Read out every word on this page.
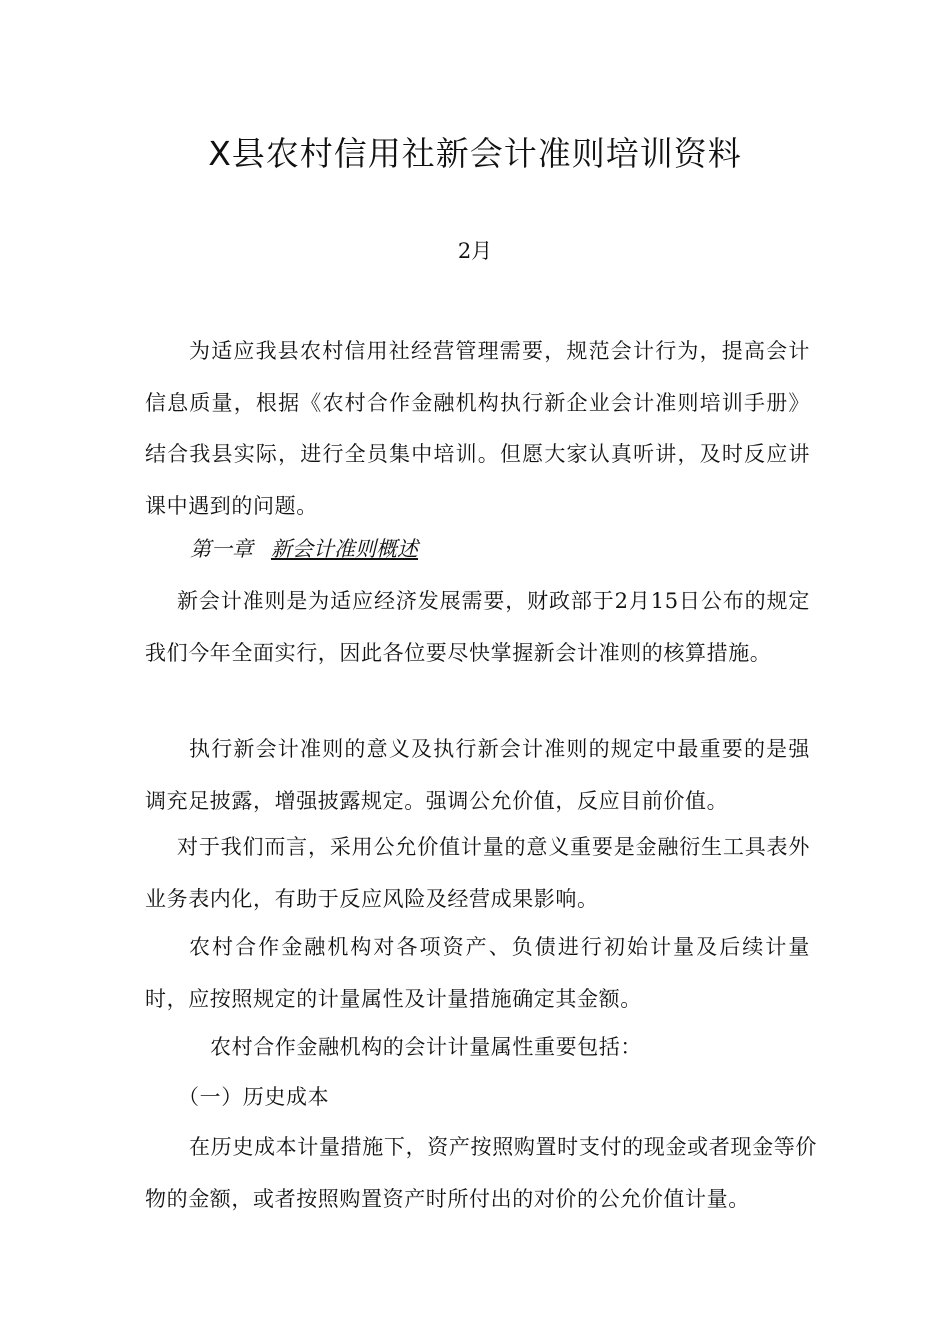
X县农村信用社新会计准则培训资料
2月

为适应我县农村信用社经营管理需要，规范会计行为，提高会计信息质量，根据《农村合作金融机构执行新企业会计准则培训手册》结合我县实际，进行全员集中培训。但愿大家认真听讲，及时反应讲课中遇到的问题。

第一章 新会计准则概述

新会计准则是为适应经济发展需要，财政部于2月15日公布的规定我们今年全面实行，因此各位要尽快掌握新会计准则的核算措施。

执行新会计准则的意义及执行新会计准则的规定中最重要的是强调充足披露，增强披露规定。强调公允价值，反应目前价值。

对于我们而言，采用公允价值计量的意义重要是金融衍生工具表外业务表内化，有助于反应风险及经营成果影响。

农村合作金融机构对各项资产、负债进行初始计量及后续计量时，应按照规定的计量属性及计量措施确定其金额。

农村合作金融机构的会计计量属性重要包括：

（一）历史成本

在历史成本计量措施下，资产按照购置时支付的现金或者现金等价物的金额，或者按照购置资产时所付出的对价的公允价值计量。
